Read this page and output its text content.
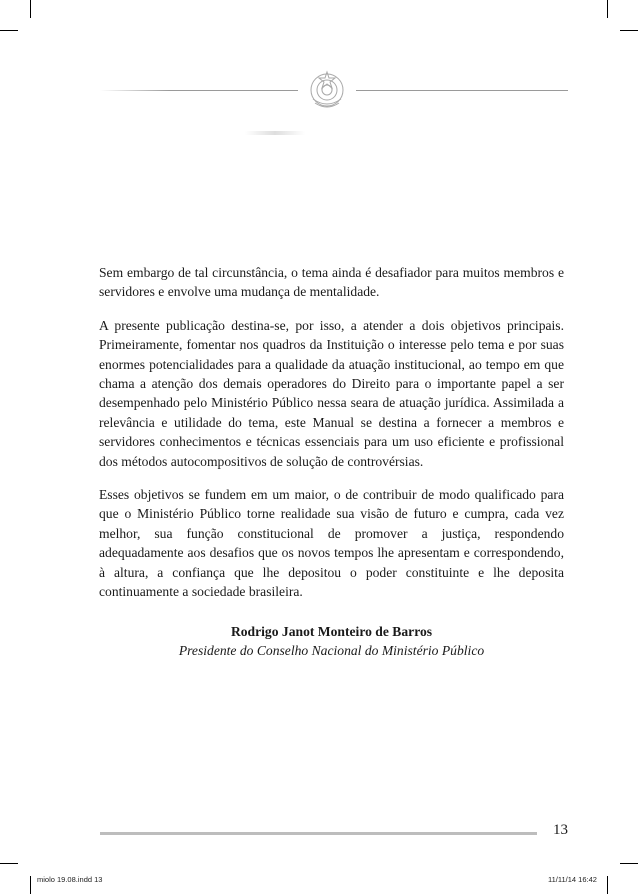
Sem embargo de tal circunstância, o tema ainda é desafiador para muitos membros e servidores e envolve uma mudança de mentalidade.

A presente publicação destina-se, por isso, a atender a dois objetivos principais. Primeiramente, fomentar nos quadros da Instituição o interesse pelo tema e por suas enormes potencialidades para a qualidade da atuação institucional, ao tempo em que chama a atenção dos demais operadores do Direito para o importante papel a ser desempenhado pelo Ministério Público nessa seara de atuação jurídica. Assimilada a relevância e utilidade do tema, este Manual se destina a fornecer a membros e servidores conhecimentos e técnicas essenciais para um uso eficiente e profissional dos métodos autocompositivos de solução de controvérsias.

Esses objetivos se fundem em um maior, o de contribuir de modo qualificado para que o Ministério Público torne realidade sua visão de futuro e cumpra, cada vez melhor, sua função constitucional de promover a justiça, respondendo adequadamente aos desafios que os novos tempos lhe apresentam e correspondendo, à altura, a confiança que lhe depositou o poder constituinte e lhe deposita continuamente a sociedade brasileira.

Rodrigo Janot Monteiro de Barros
Presidente do Conselho Nacional do Ministério Público
13
miolo 19.08.indd 13	11/11/14 16:42
